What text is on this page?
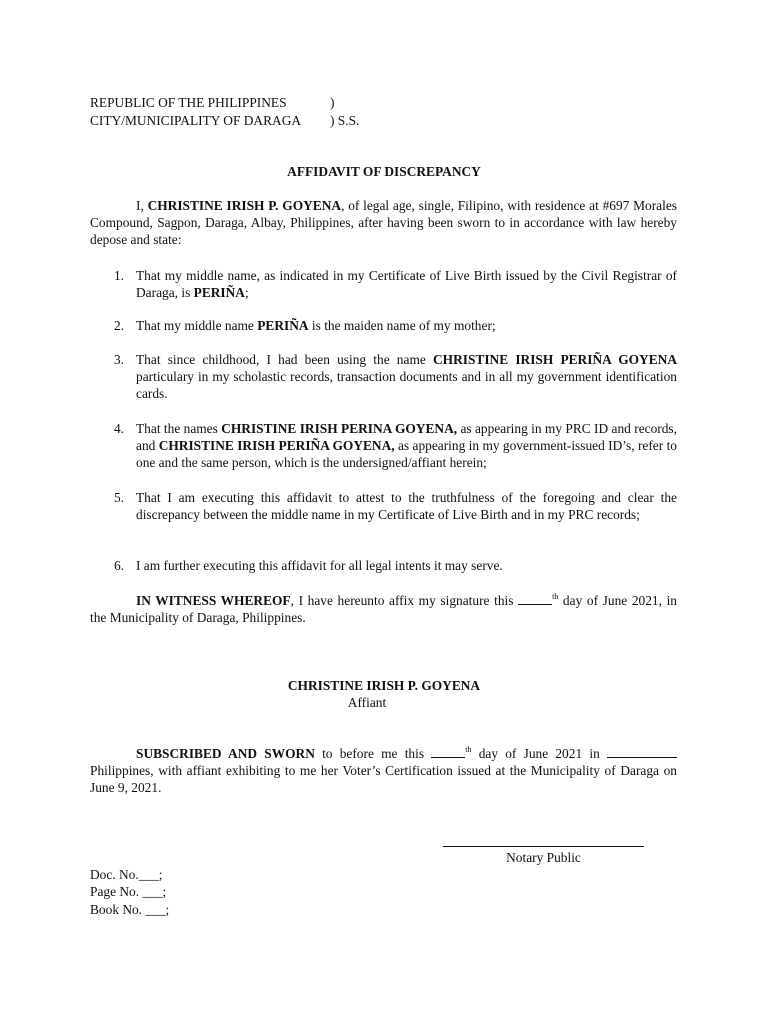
REPUBLIC OF THE PHILIPPINES	)
CITY/MUNICIPALITY OF DARAGA ) S.S.
AFFIDAVIT OF DISCREPANCY
I, CHRISTINE IRISH P. GOYENA, of legal age, single, Filipino, with residence at #697 Morales Compound, Sagpon, Daraga, Albay, Philippines, after having been sworn to in accordance with law hereby depose and state:
1. That my middle name, as indicated in my Certificate of Live Birth issued by the Civil Registrar of Daraga, is PERIÑA;
2. That my middle name PERIÑA is the maiden name of my mother;
3. That since childhood, I had been using the name CHRISTINE IRISH PERIÑA GOYENA particulary in my scholastic records, transaction documents and in all my government identification cards.
4. That the names CHRISTINE IRISH PERINA GOYENA, as appearing in my PRC ID and records, and CHRISTINE IRISH PERIÑA GOYENA, as appearing in my government-issued ID’s, refer to one and the same person, which is the undersigned/affiant herein;
5. That I am executing this affidavit to attest to the truthfulness of the foregoing and clear the discrepancy between the middle name in my Certificate of Live Birth and in my PRC records;
6. I am further executing this affidavit for all legal intents it may serve.
IN WITNESS WHEREOF, I have hereunto affix my signature this	$^{th}$ day of June 2021, in the Municipality of Daraga, Philippines.
CHRISTINE IRISH P. GOYENA
Affiant
SUBSCRIBED AND SWORN to before me this	$^{th}$ day of June 2021 in  Philippines, with affiant exhibiting to me her Voter’s Certification issued at the Municipality of Daraga on June 9, 2021.
Notary Public
Doc. No.___;
Page No. ___;
Book No. ___;
